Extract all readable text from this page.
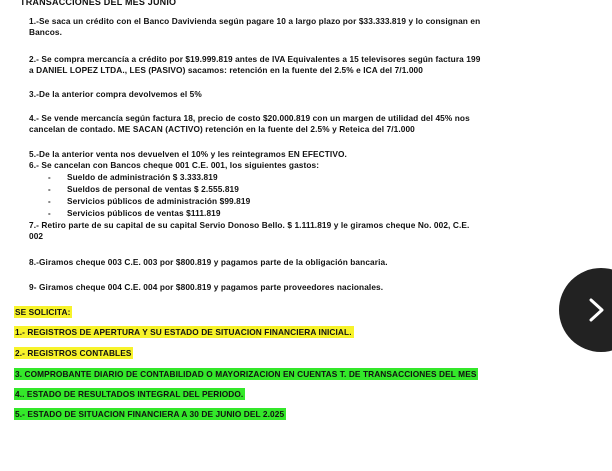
TRANSACCIONES DEL MES JUNIO

1.-Se saca un crédito con el Banco Davivienda según pagare 10 a largo plazo por $33.333.819 y lo consignan en

Bancos.

2.- Se compra mercancía a crédito por $19.999.819 antes de IVA Equivalentes a 15 televisores según factura 199

a DANIEL LOPEZ LTDA., LES (PASIVO) sacamos: retención en la fuente del 2.5% e ICA del 7/1.000

3.-De la anterior compra devolvemos el 5%

4.- Se vende mercancía según factura 18, precio de costo $20.000.819 con un margen de utilidad del 45% nos

cancelan de contado. ME SACAN (ACTIVO) retención en la fuente del 2.5% y Reteica del 7/1.000

5.-De la anterior venta nos devuelven el 10% y les reintegramos EN EFECTIVO.

6.- Se cancelan con Bancos cheque 001 C.E. 001, los siguientes gastos:

- Sueldo de administración $ 3.333.819

- Sueldos de personal de ventas $ 2.555.819

- Servicios públicos de administración $99.819

- Servicios públicos de ventas $111.819

7.- Retiro parte de su capital de su capital Servio Donoso Bello. $ 1.111.819 y le giramos cheque No. 002, C.E.

002

8.-Giramos cheque 003 C.E. 003 por $800.819 y pagamos parte de la obligación bancaria.

9- Giramos cheque 004 C.E. 004 por $800.819 y pagamos parte proveedores nacionales.

SE SOLICITA:

1.- REGISTROS DE APERTURA Y SU ESTADO DE SITUACION FINANCIERA INICIAL.

2.- REGISTROS CONTABLES

3. COMPROBANTE DIARIO DE CONTABILIDAD O MAYORIZACION EN CUENTAS T. DE TRANSACCIONES DEL MES

4.. ESTADO DE RESULTADOS INTEGRAL DEL PERIODO.

5.- ESTADO DE SITUACION FINANCIERA A 30 DE JUNIO DEL 2.025
